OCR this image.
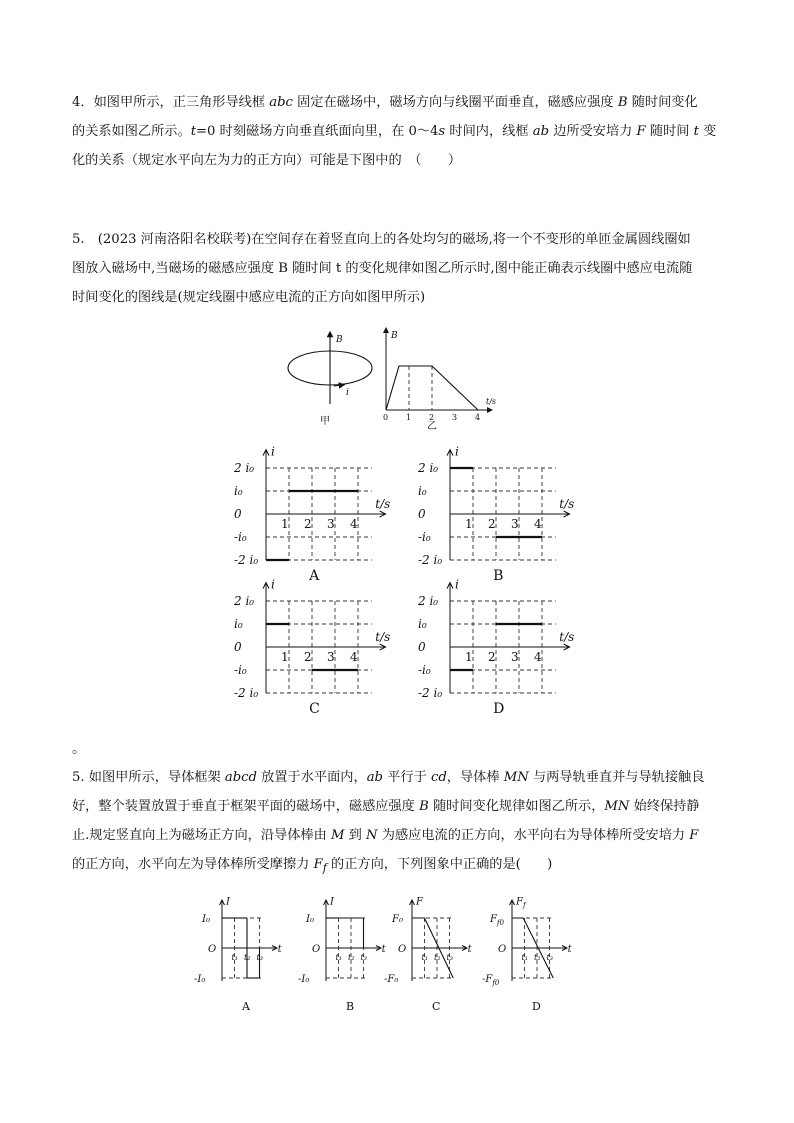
4．如图甲所示，正三角形导线框 abc 固定在磁场中，磁场方向与线圈平面垂直，磁感应强度 B 随时间变化

的关系如图乙所示。t=0 时刻磁场方向垂直纸面向里，在 0～4s 时间内，线框 ab 边所受安培力 F 随时间 t 变

化的关系（规定水平向左为力的正方向）可能是下图中的　（　　）

5.　(2023 河南洛阳名校联考)在空间存在着竖直向上的各处均匀的磁场,将一个不变形的单匝金属圆线圈如

图放入磁场中,当磁场的磁感应强度 B 随时间 t 的变化规律如图乙所示时,图中能正确表示线圈中感应电流随

时间变化的图线是(规定线圈中感应电流的正方向如图甲所示)

B
i
甲
B
t/s
0 1 2 3 4
乙
i
t/s
2 i₀
i₀
0
-i₀
-2 i₀
1 2 3 4
A
i
t/s
2 i₀
i₀
0
-i₀
-2 i₀
1 2 3 4
B
i
t/s
2 i₀
i₀
0
-i₀
-2 i₀
1 2 3 4
C
i
t/s
2 i₀
i₀
0
-i₀
-2 i₀
1 2 3 4
D
。

5. 如图甲所示，导体框架 abcd 放置于水平面内，ab 平行于 cd，导体棒 MN 与两导轨垂直并与导轨接触良

好，整个装置放置于垂直于框架平面的磁场中，磁感应强度 B 随时间变化规律如图乙所示，MN 始终保持静

止.规定竖直向上为磁场正方向，沿导体棒由 M 到 N 为感应电流的正方向，水平向右为导体棒所受安培力 F

的正方向，水平向左为导体棒所受摩擦力 $F_f$ 的正方向，下列图象中正确的是(　　)

I
I₀
-I₀
O	t
t₁ t₂ t₃
A
I
I₀
-I₀
O	t
t₁ t₂ t₃
B
F
F₀
-F₀
O	t
t₁ t₂ t₃
C
$F_f$
$F_{f0}$
$-F_{f0}$
O	t
t₁ t₂ t₃
D
